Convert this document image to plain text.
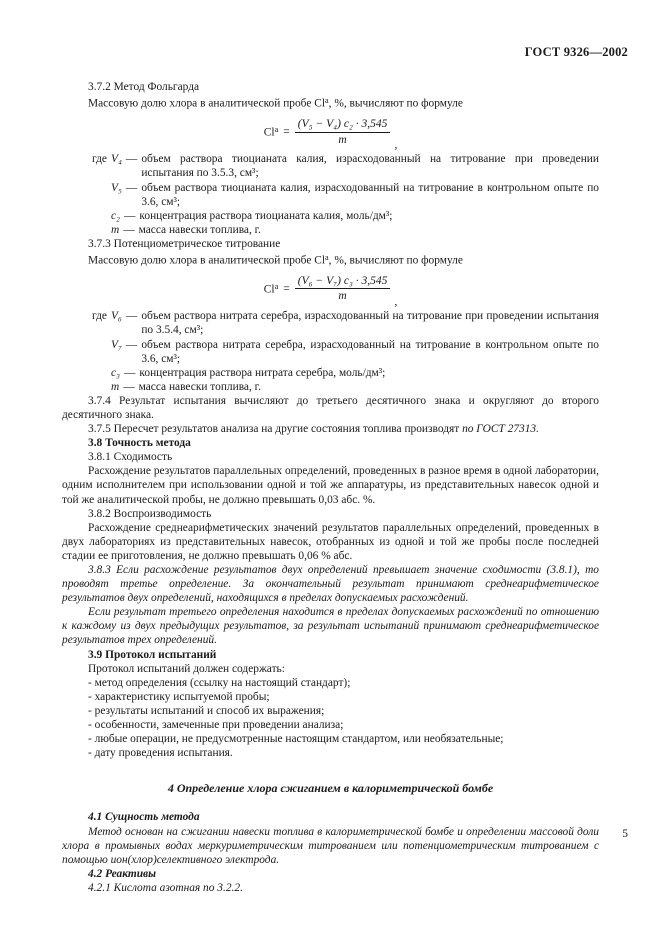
ГОСТ 9326—2002

3.7.2 Метод Фольгарда

Массовую долю хлора в аналитической пробе Cl$^a$, %, вычисляют по формуле

$Cl^a = \frac{\text{(V₅ − V₄) c₂ · 3,545}}{m}$ ,
где V₄ — объем раствора тиоцианата калия, израсходованный на титрование при проведении испытания по 3.5.3, см³;
V₅ — объем раствора тиоцианата калия, израсходованный на титрование в контрольном опыте по 3.6, см³;
c₂ — концентрация раствора тиоцианата калия, моль/дм³;
m — масса навески топлива, г.

3.7.3 Потенциометрическое титрование

Массовую долю хлора в аналитической пробе Cl$^a$, %, вычисляют по формуле

$Cl^a = \frac{\text{(V₆ − V₇) c₃ · 3,545}}{m}$ ,
где V₆ — объем раствора нитрата серебра, израсходованный на титрование при проведении испытания по 3.5.4, см³;
V₇ — объем раствора нитрата серебра, израсходованный на титрование в контрольном опыте по 3.6, см³;
c₃ — концентрация раствора нитрата серебра, моль/дм³;
m — масса навески топлива, г.

3.7.4 Результат испытания вычисляют до третьего десятичного знака и округляют до второго десятичного знака.

3.7.5 Пересчет результатов анализа на другие состояния топлива производят по ГОСТ 27313.

3.8 Точность метода

3.8.1 Сходимость

Расхождение результатов параллельных определений, проведенных в разное время в одной лаборатории, одним исполнителем при использовании одной и той же аппаратуры, из представительных навесок одной и той же аналитической пробы, не должно превышать 0,03 абс. %.

3.8.2 Воспроизводимость

Расхождение среднеарифметических значений результатов параллельных определений, проведенных в двух лабораториях из представительных навесок, отобранных из одной и той же пробы после последней стадии ее приготовления, не должно превышать 0,06 % абс.

3.8.3 Если расхождение результатов двух определений превышает значение сходимости (3.8.1), то проводят третье определение. За окончательный результат принимают среднеарифметическое результатов двух определений, находящихся в пределах допускаемых расхождений.

Если результат третьего определения находится в пределах допускаемых расхождений по отношению к каждому из двух предыдущих результатов, за результат испытаний принимают среднеарифметическое результатов трех определений.

3.9 Протокол испытаний

Протокол испытаний должен содержать:

- метод определения (ссылку на настоящий стандарт);

- характеристику испытуемой пробы;

- результаты испытаний и способ их выражения;

- особенности, замеченные при проведении анализа;

- любые операции, не предусмотренные настоящим стандартом, или необязательные;

- дату проведения испытания.

4 Определение хлора сжиганием в калориметрической бомбе

4.1 Сущность метода

Метод основан на сжигании навески топлива в калориметрической бомбе и определении массовой доли хлора в промывных водах меркуриметрическим титрованием или потенциометрическим титрованием с помощью ион(хлор)селективного электрода.

4.2 Реактивы

4.2.1 Кислота азотная по 3.2.2.

5
